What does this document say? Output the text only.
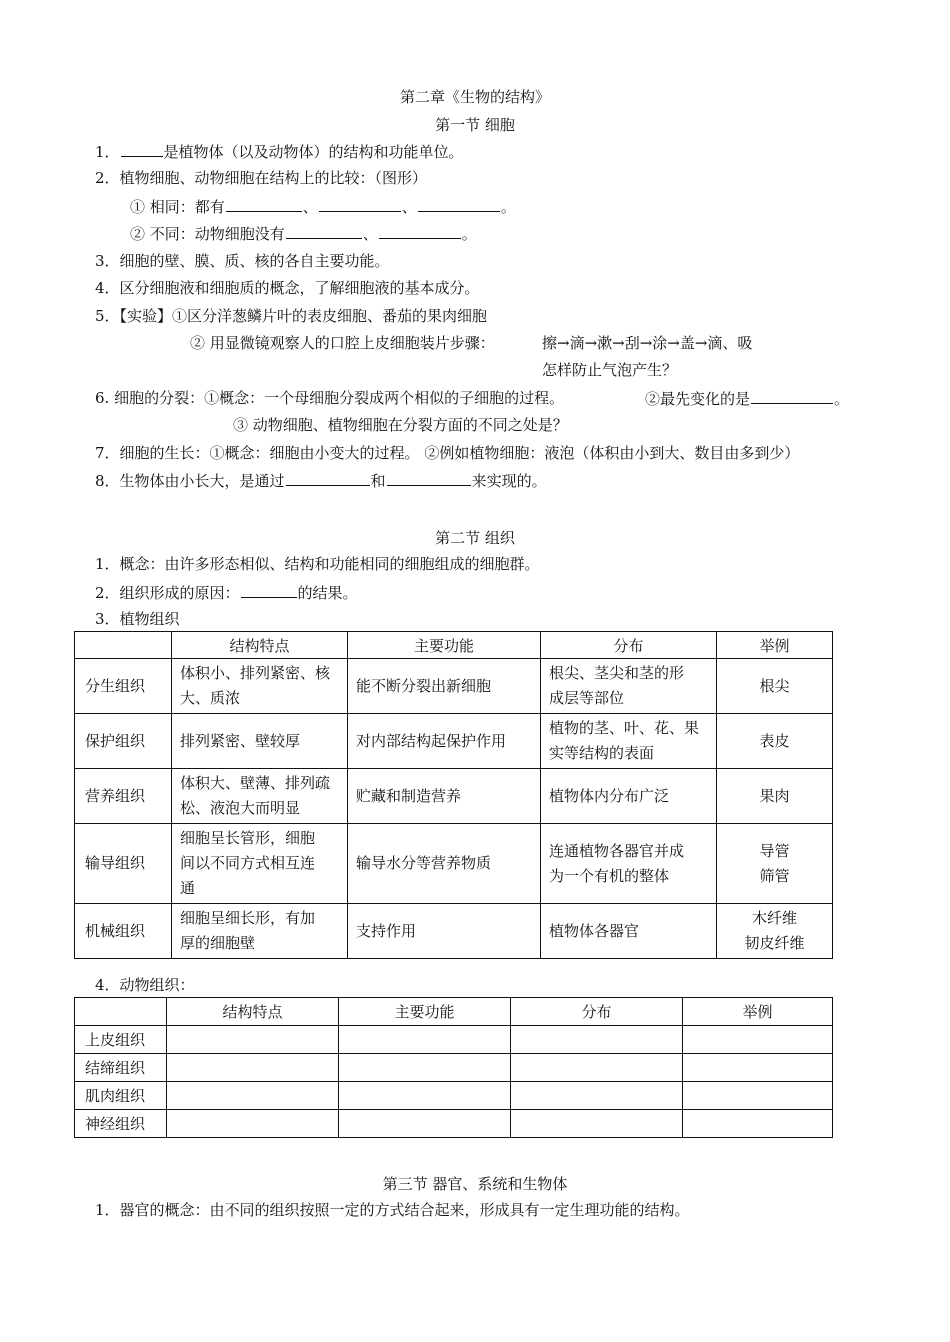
第二章《生物的结构》
第一节 细胞
1．	是植物体（以及动物体）的结构和功能单位。
2．植物细胞、动物细胞在结构上的比较：（图形）
① 相同：都有	、	、	。
② 不同：动物细胞没有	、	。
3．细胞的壁、膜、质、核的各自主要功能。
4．区分细胞液和细胞质的概念，了解细胞液的基本成分。
5．【实验】①区分洋葱鳞片叶的表皮细胞、番茄的果肉细胞
② 用显微镜观察人的口腔上皮细胞装片步骤：	擦→滴→漱→刮→涂→盖→滴、吸
怎样防止气泡产生？
6. 细胞的分裂：①概念：一个母细胞分裂成两个相似的子细胞的过程。	②最先变化的是	。
③ 动物细胞、植物细胞在分裂方面的不同之处是？
7．细胞的生长：①概念：细胞由小变大的过程。 ②例如植物细胞：液泡（体积由小到大、数目由多到少）
8．生物体由小长大，是通过	和	来实现的。
第二节 组织
1．概念：由许多形态相似、结构和功能相同的细胞组成的细胞群。
2．组织形成的原因：	的结果。
3．植物组织
	结构特点	主要功能	分布	举例
分生组织	体积小、排列紧密、核
大、质浓	能不断分裂出新细胞	根尖、茎尖和茎的形
成层等部位	根尖

保护组织	排列紧密、壁较厚	对内部结构起保护作用	植物的茎、叶、花、果
实等结构的表面	表皮

营养组织	体积大、壁薄、排列疏
松、液泡大而明显	贮藏和制造营养	植物体内分布广泛	果肉

输导组织	细胞呈长管形，细胞
间以不同方式相互连
通	输导水分等营养物质	连通植物各器官并成
为一个有机的整体	导管
筛管

机械组织	细胞呈细长形，有加
厚的细胞壁	支持作用	植物体各器官	木纤维
韧皮纤维
4．动物组织：
	结构特点	主要功能	分布	举例
上皮组织				
结缔组织				
肌肉组织				
神经组织				
第三节 器官、系统和生物体
1．器官的概念：由不同的组织按照一定的方式结合起来，形成具有一定生理功能的结构。
